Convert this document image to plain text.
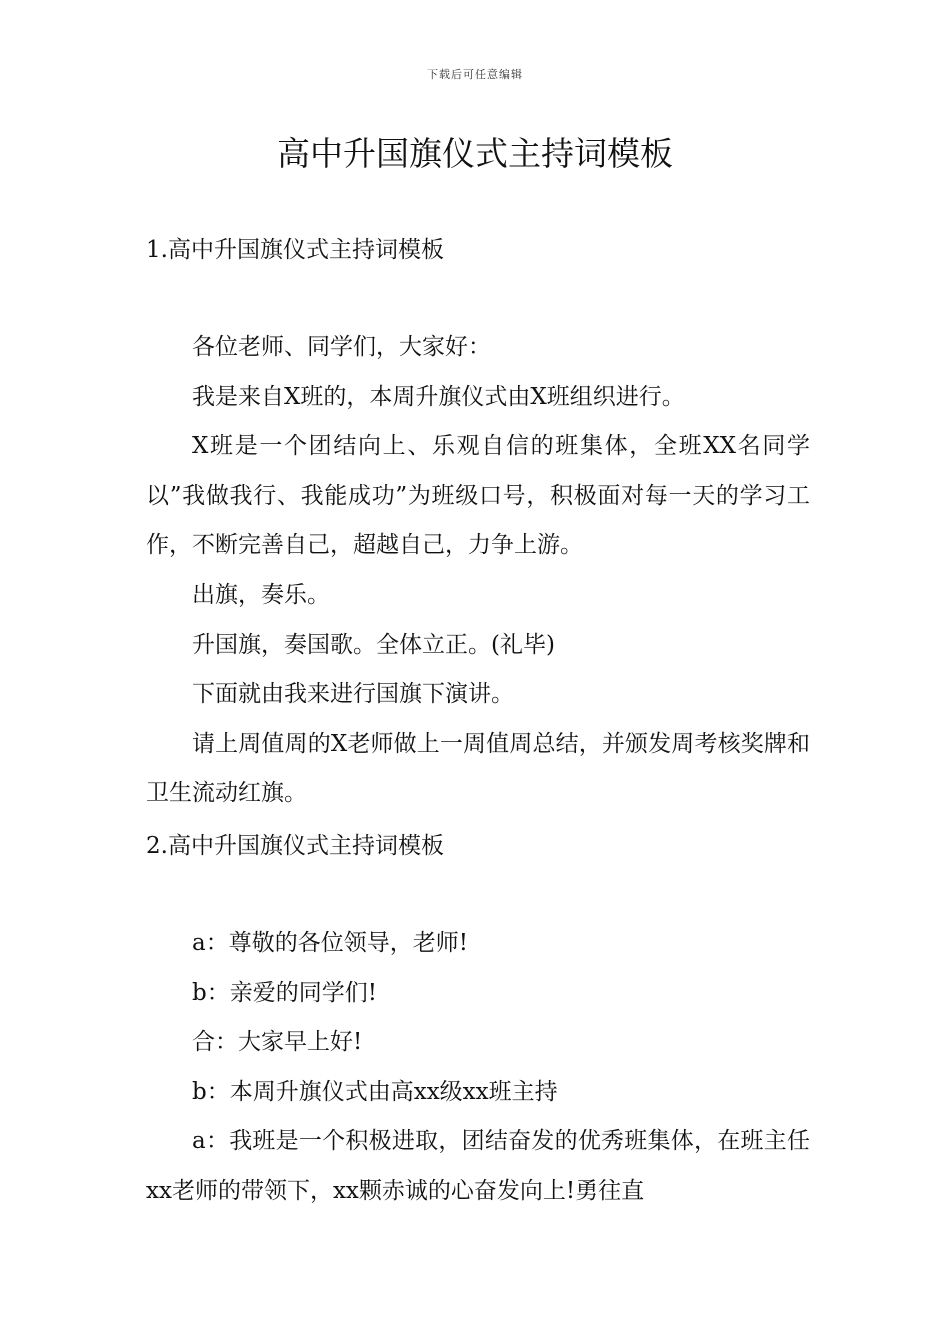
下载后可任意编辑
高中升国旗仪式主持词模板
1.高中升国旗仪式主持词模板

各位老师、同学们，大家好：

我是来自X班的，本周升旗仪式由X班组织进行。

X班是一个团结向上、乐观自信的班集体，全班XX名同学以”我做我行、我能成功”为班级口号，积极面对每一天的学习工作，不断完善自己，超越自己，力争上游。

出旗，奏乐。

升国旗，奏国歌。全体立正。(礼毕)

下面就由我来进行国旗下演讲。

请上周值周的X老师做上一周值周总结，并颁发周考核奖牌和卫生流动红旗。

2.高中升国旗仪式主持词模板

a：尊敬的各位领导，老师!

b：亲爱的同学们!

合：大家早上好!

b：本周升旗仪式由高xx级xx班主持

a：我班是一个积极进取，团结奋发的优秀班集体，在班主任xx老师的带领下，xx颗赤诚的心奋发向上!勇往直
